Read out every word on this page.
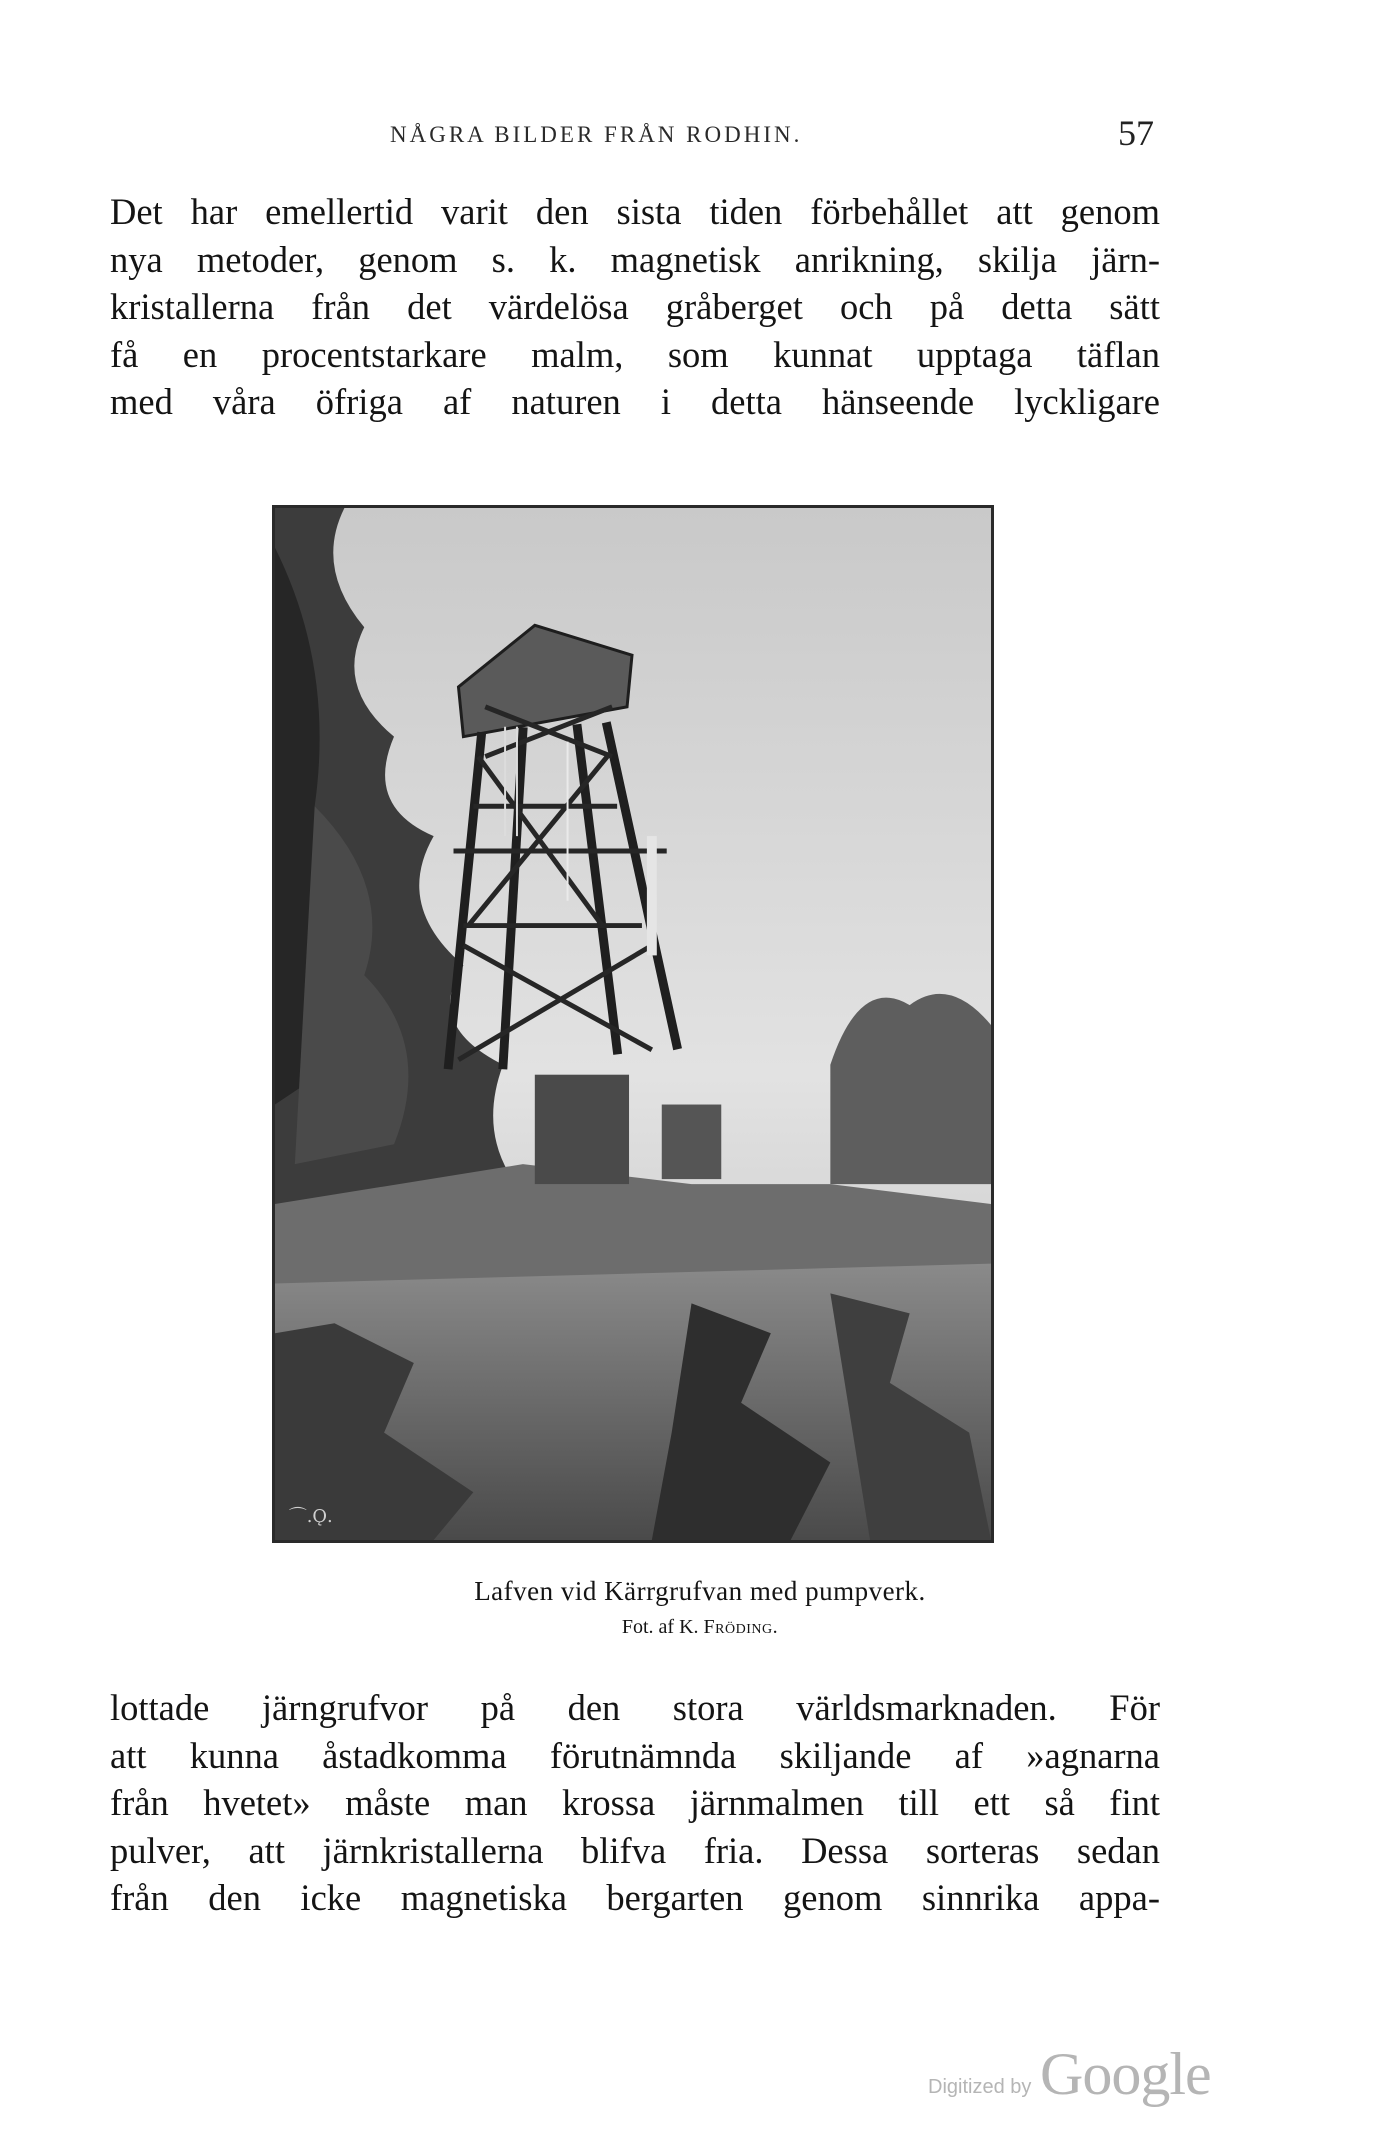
NÅGRA BILDER FRÅN RODHIN.	57

Det har emellertid varit den sista tiden förbehållet att genom
nya metoder, genom s. k. magnetisk anrikning, skilja järn-
kristallerna från det värdelösa gråberget och på detta sätt
få en procentstarkare malm, som kunnat upptaga täflan
med våra öfriga af naturen i detta hänseende lyckligare

⌒.Ǫ.

Lafven vid Kärrgrufvan med pumpverk.

Fot. af K. Fröding.

lottade järngrufvor på den stora världsmarknaden. För
att kunna åstadkomma förutnämnda skiljande af »agnarna
från hvetet» måste man krossa järnmalmen till ett så fint
pulver, att järnkristallerna blifva fria. Dessa sorteras sedan
från den icke magnetiska bergarten genom sinnrika appa-

Digitized by Google
